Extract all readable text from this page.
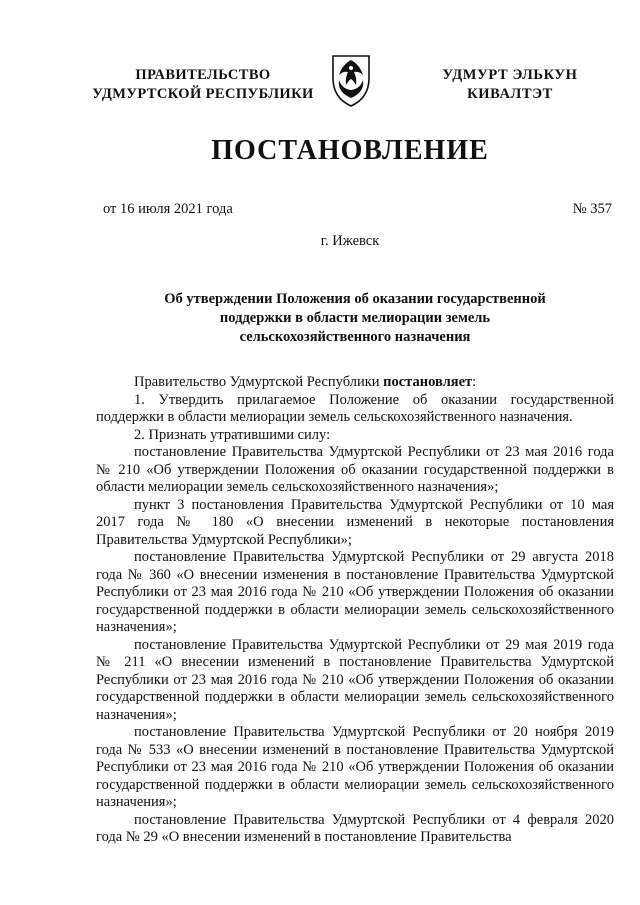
ПРАВИТЕЛЬСТВО
УДМУРТСКОЙ РЕСПУБЛИКИ
УДМУРТ ЭЛЬКУН
КИВАЛТЭТ
ПОСТАНОВЛЕНИЕ
от 16 июля 2021 года	№ 357
г. Ижевск
Об утверждении Положения об оказании государственной
поддержки в области мелиорации земель
сельскохозяйственного назначения

Правительство Удмуртской Республики постановляет:

1. Утвердить прилагаемое Положение об оказании государственной поддержки в области мелиорации земель сельскохозяйственного назначения.

2. Признать утратившими силу:

постановление Правительства Удмуртской Республики от 23 мая 2016 года № 210 «Об утверждении Положения об оказании государственной поддержки в области мелиорации земель сельскохозяйственного назначения»;

пункт 3 постановления Правительства Удмуртской Республики от 10 мая 2017 года № 180 «О внесении изменений в некоторые постановления Правительства Удмуртской Республики»;

постановление Правительства Удмуртской Республики от 29 августа 2018 года № 360 «О внесении изменения в постановление Правительства Удмуртской Республики от 23 мая 2016 года № 210 «Об утверждении Положения об оказании государственной поддержки в области мелиорации земель сельскохозяйственного назначения»;

постановление Правительства Удмуртской Республики от 29 мая 2019 года № 211 «О внесении изменений в постановление Правительства Удмуртской Республики от 23 мая 2016 года № 210 «Об утверждении Положения об оказании государственной поддержки в области мелиорации земель сельскохозяйственного назначения»;

постановление Правительства Удмуртской Республики от 20 ноября 2019 года № 533 «О внесении изменений в постановление Правительства Удмуртской Республики от 23 мая 2016 года № 210 «Об утверждении Положения об оказании государственной поддержки в области мелиорации земель сельскохозяйственного назначения»;

постановление Правительства Удмуртской Республики от 4 февраля 2020 года № 29 «О внесении изменений в постановление Правительства
